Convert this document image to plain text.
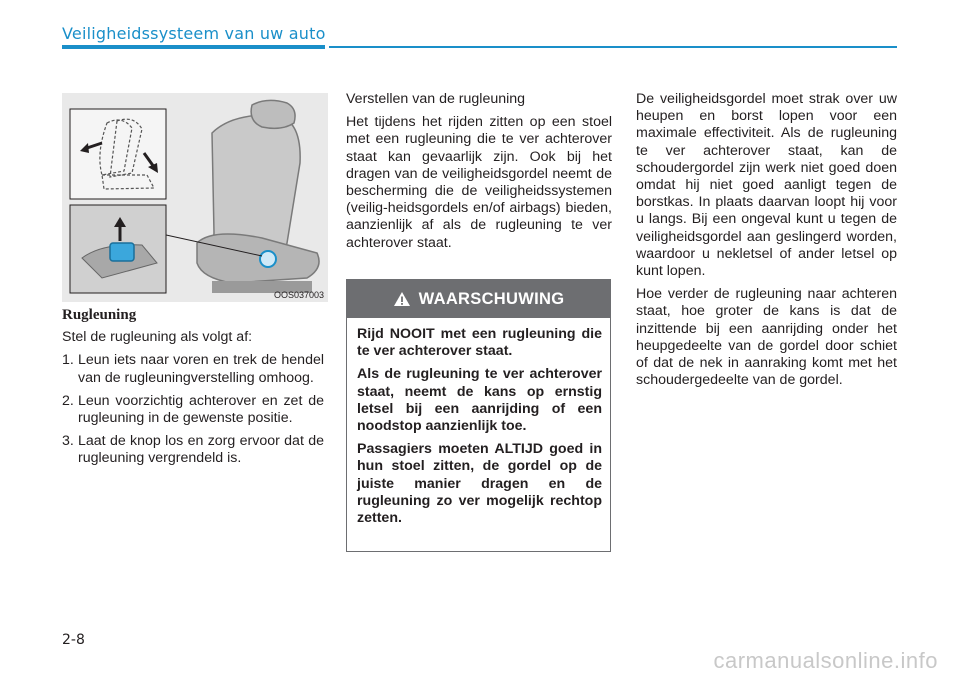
Veiligheidssysteem van uw auto
OOS037003
Rugleuning

Stel de rugleuning als volgt af:

1. Leun iets naar voren en trek de hendel van de rugleuningverstelling omhoog.
2. Leun voorzichtig achterover en zet de rugleuning in de gewenste positie.
3. Laat de knop los en zorg ervoor dat de rugleuning vergrendeld is.

Verstellen van de rugleuning

Het tijdens het rijden zitten op een stoel met een rugleuning die te ver achterover staat kan gevaarlijk zijn. Ook bij het dragen van de veiligheidsgordel neemt de bescherming die de veiligheidssystemen (veilig-heidsgordels en/of airbags) bieden, aanzienlijk af als de rugleuning te ver achterover staat.

WAARSCHUWING

Rijd NOOIT met een rugleuning die te ver achterover staat.

Als de rugleuning te ver achterover staat, neemt de kans op ernstig letsel bij een aanrijding of een noodstop aanzienlijk toe.

Passagiers moeten ALTIJD goed in hun stoel zitten, de gordel op de juiste manier dragen en de rugleuning zo ver mogelijk rechtop zetten.

De veiligheidsgordel moet strak over uw heupen en borst lopen voor een maximale effectiviteit. Als de rugleuning te ver achterover staat, kan de schoudergordel zijn werk niet goed doen omdat hij niet goed aanligt tegen de borstkas. In plaats daarvan loopt hij voor u langs. Bij een ongeval kunt u tegen de veiligheidsgordel aan geslingerd worden, waardoor u nekletsel of ander letsel op kunt lopen.

Hoe verder de rugleuning naar achteren staat, hoe groter de kans is dat de inzittende bij een aanrijding onder het heupgedeelte van de gordel door schiet of dat de nek in aanraking komt met het schoudergedeelte van de gordel.

2-8
carmanualsonline.info
